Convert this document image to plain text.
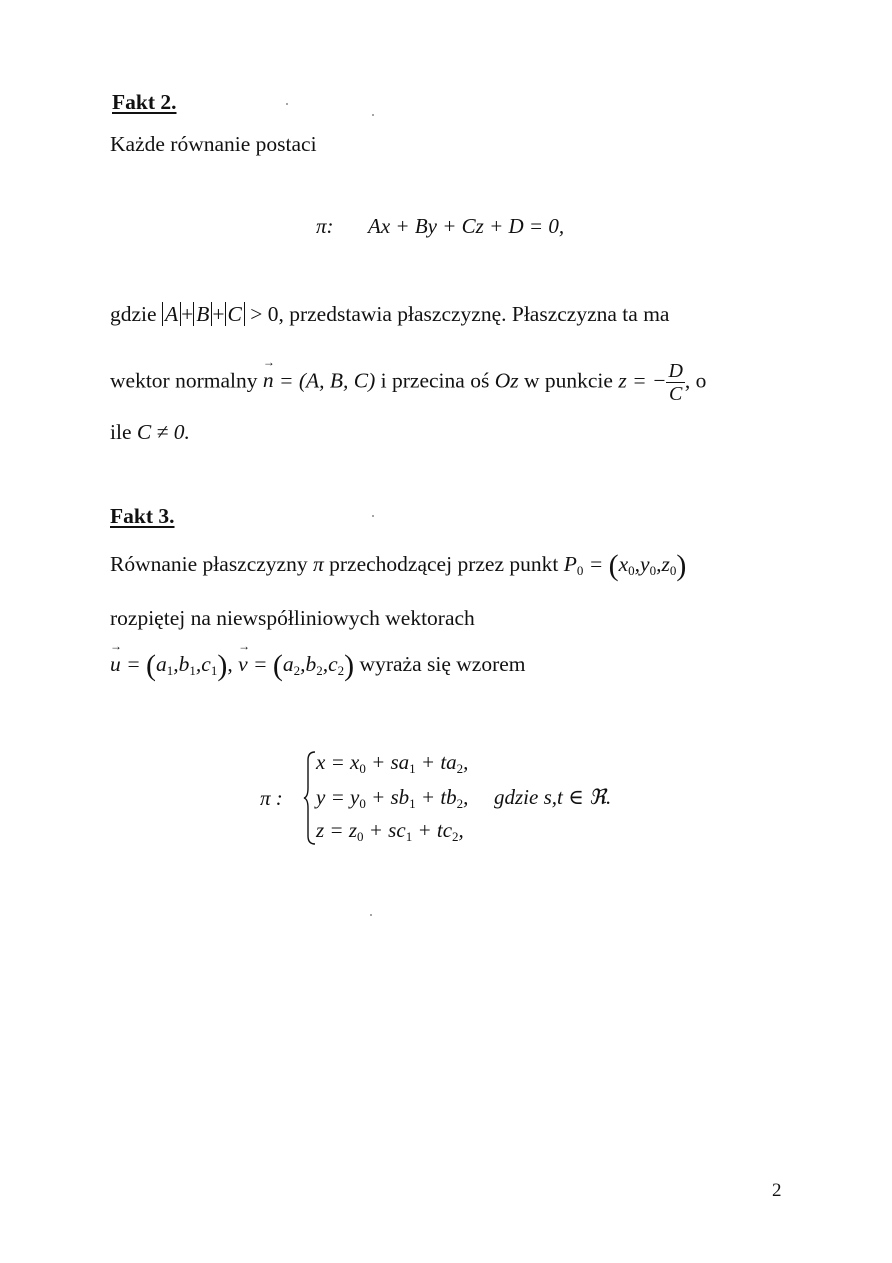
Fakt 2.
Każde równanie postaci
π: Ax + By + Cz + D = 0,
gdzie A + B + C > 0, przedstawia płaszczyznę. Płaszczyzna ta ma
wektor normalny → n = (A, B, C) i przecina oś Oz w punkcie z = − $\frac{D}{C}$ , o
ile C ≠ 0.
Fakt 3.
Równanie płaszczyzny π przechodzącej przez punkt $P_0 = (x_0,y_0,z_0)$
rozpiętej na niewspółliniowych wektorach
→ $u = (a_1,b_1,c_1)$, → $v = (a_2,b_2,c_2)$ wyraża się wzorem
π :
$x = x_0 + sa_1 + ta_2$,
$y = y_0 + sb_1 + tb_2$,
$z = z_0 + sc_1 + tc_2$,
gdzie s,t ∈ ℜ.
2
